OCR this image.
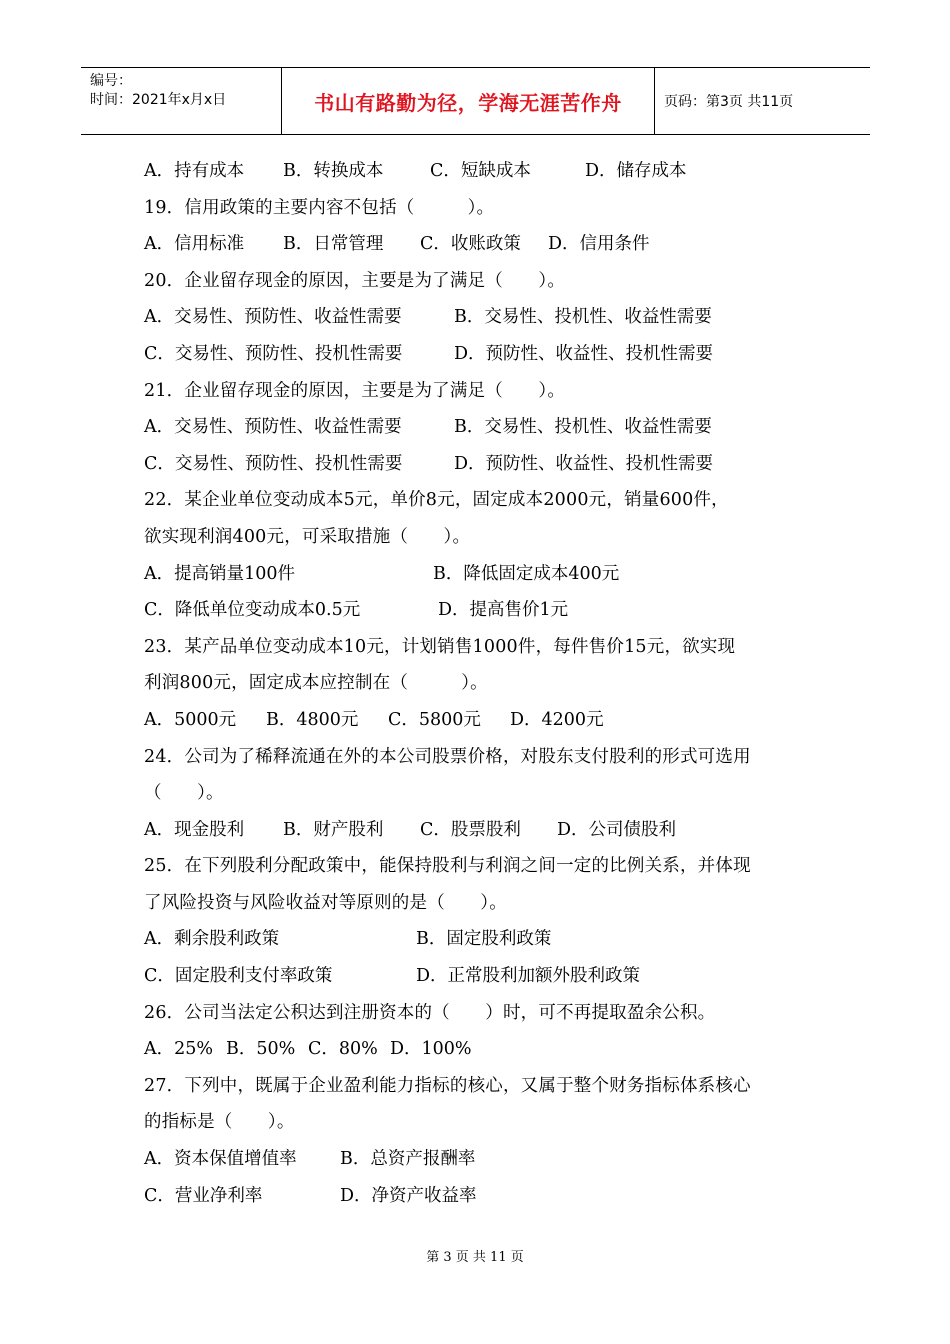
编号：
时间：2021年x月x日	书山有路勤为径，学海无涯苦作舟	页码：第3页 共11页
A．持有成本	B．转换成本	C．短缺成本	D．储存成本
19．信用政策的主要内容不包括（　　　）。
A．信用标准	B．日常管理	C．收账政策	D．信用条件
20．企业留存现金的原因，主要是为了满足（　　）。
A．交易性、预防性、收益性需要	B．交易性、投机性、收益性需要
C．交易性、预防性、投机性需要	D．预防性、收益性、投机性需要
21．企业留存现金的原因，主要是为了满足（　　）。
A．交易性、预防性、收益性需要	B．交易性、投机性、收益性需要
C．交易性、预防性、投机性需要	D．预防性、收益性、投机性需要
22．某企业单位变动成本5元，单价8元，固定成本2000元，销量600件，
欲实现利润400元，可采取措施（　　）。
A．提高销量100件	B．降低固定成本400元
C．降低单位变动成本0.5元	D．提高售价1元
23．某产品单位变动成本10元，计划销售1000件，每件售价15元，欲实现
利润800元，固定成本应控制在（　　　）。
A．5000元	B．4800元	C．5800元	D．4200元
24．公司为了稀释流通在外的本公司股票价格，对股东支付股利的形式可选用
（　　）。
A．现金股利	B．财产股利	C．股票股利	D．公司债股利
25．在下列股利分配政策中，能保持股利与利润之间一定的比例关系，并体现
了风险投资与风险收益对等原则的是（　　）。
A．剩余股利政策	B．固定股利政策
C．固定股利支付率政策	D．正常股利加额外股利政策
26．公司当法定公积达到注册资本的（　　）时，可不再提取盈余公积。
A．25% B．50% C．80% D．100%
27．下列中，既属于企业盈利能力指标的核心，又属于整个财务指标体系核心
的指标是（　　）。
A．资本保值增值率	B．总资产报酬率
C．营业净利率	D．净资产收益率
第 3 页 共 11 页
